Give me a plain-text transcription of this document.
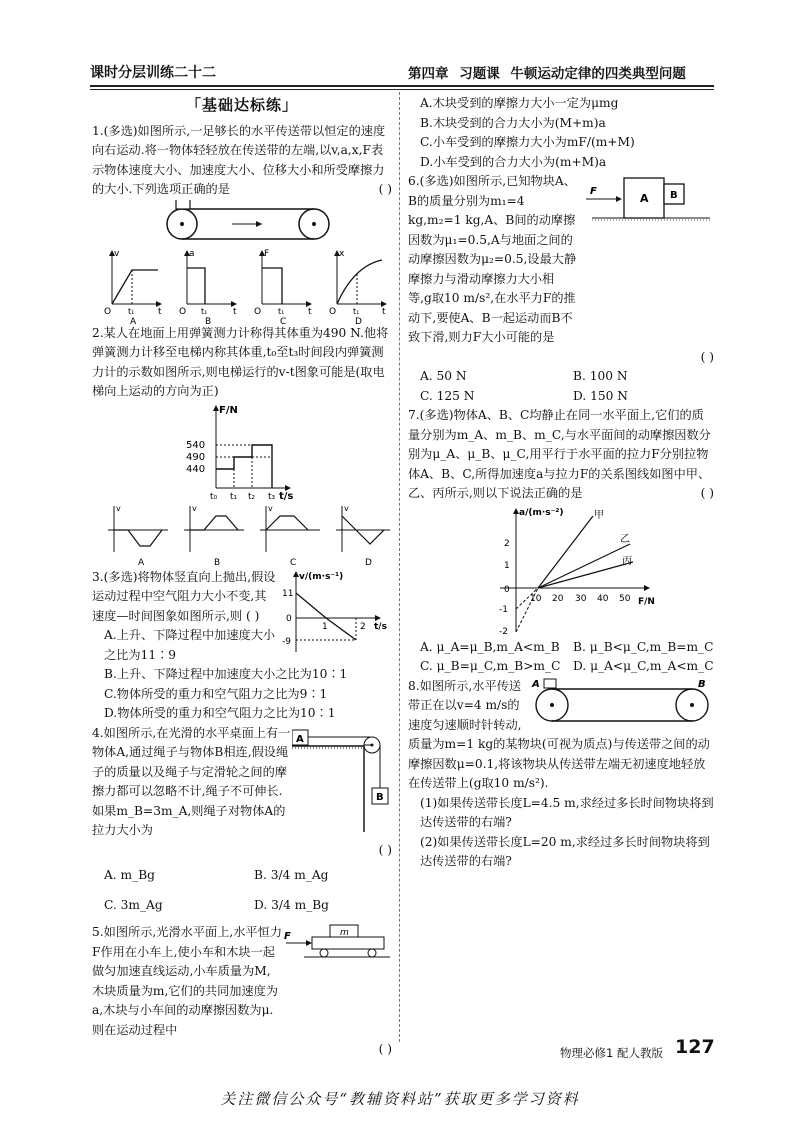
课时分层训练二十二	第四章 习题课 牛顿运动定律的四类典型问题
「基础达标练」

1.(多选)如图所示,一足够长的水平传送带以恒定的速度向右运动.将一物体轻轻放在传送带的左端,以v,a,x,F表示物体速度大小、加速度大小、位移大小和所受摩擦力的大小.下列选项正确的是	( )

v
O t₁	t
A
a
O t₁	t
B
F
O t₁	t
C
x
O t₁	t
D

2.某人在地面上用弹簧测力计称得其体重为490 N.他将弹簧测力计移至电梯内称其体重,t₀至t₃时间段内弹簧测力计的示数如图所示,则电梯运行的v-t图象可能是(取电梯向上运动的方向为正)

F/N
540
490
440
t₀ t₁ t₂ t₃ t/s
v
A
v
B
v
C
v
D

3.(多选)将物体竖直向上抛出,假设运动过程中空气阻力大小不变,其速度—时间图象如图所示,则 ( )

A.上升、下降过程中加速度大小之比为11∶9

v/(m·s⁻¹)
11
0
-9
1	2 t/s

B.上升、下降过程中加速度大小之比为10∶1

C.物体所受的重力和空气阻力之比为9∶1

D.物体所受的重力和空气阻力之比为10∶1

4.如图所示,在光滑的水平桌面上有一物体A,通过绳子与物体B相连,假设绳子的质量以及绳子与定滑轮之间的摩擦力都可以忽略不计,绳子不可伸长.如果m_B=3m_A,则绳子对物体A的拉力大小为

( )

A
B
A. m_Bg	B. 3/4 m_Ag
C. 3m_Ag	D. 3/4 m_Bg

5.如图所示,光滑水平面上,水平恒力F作用在小车上,使小车和木块一起做匀加速直线运动,小车质量为M,木块质量为m,它们的共同加速度为a,木块与小车间的动摩擦因数为μ.则在运动过程中

F	m

( )

A.木块受到的摩擦力大小一定为μmg

B.木块受到的合力大小为(M+m)a

C.小车受到的摩擦力大小为mF/(m+M)

D.小车受到的合力大小为(m+M)a

F
A B

6.(多选)如图所示,已知物块A、B的质量分别为m₁=4 kg,m₂=1 kg,A、B间的动摩擦因数为μ₁=0.5,A与地面之间的动摩擦因数为μ₂=0.5,设最大静摩擦力与滑动摩擦力大小相等,g取10 m/s²,在水平力F的推动下,要使A、B一起运动而B不致下滑,则力F大小可能的是

( )

A. 50 N	B. 100 N
C. 125 N	D. 150 N

7.(多选)物体A、B、C均静止在同一水平面上,它们的质量分别为m_A、m_B、m_C,与水平面间的动摩擦因数分别为μ_A、μ_B、μ_C,用平行于水平面的拉力F分别拉物体A、B、C,所得加速度a与拉力F的关系图线如图中甲、乙、丙所示,则以下说法正确的是	( )

a/(m·s⁻²)
2
1
0
-1
-2
10 20 30 40 50 F/N
甲
乙
丙
A. μ_A=μ_B,m_A<m_B	B. μ_B<μ_C,m_B=m_C
C. μ_B=μ_C,m_B>m_C	D. μ_A<μ_C,m_A<m_C
A	B

8.如图所示,水平传送带正在以v=4 m/s的速度匀速顺时针转动,质量为m=1 kg的某物块(可视为质点)与传送带之间的动摩擦因数μ=0.1,将该物块从传送带左端无初速度地轻放在传送带上(g取10 m/s²).

(1)如果传送带长度L=4.5 m,求经过多长时间物块将到达传送带的右端?

(2)如果传送带长度L=20 m,求经过多长时间物块将到达传送带的右端?

物理必修1 配人教版 127
关注微信公众号“教辅资料站”获取更多学习资料
